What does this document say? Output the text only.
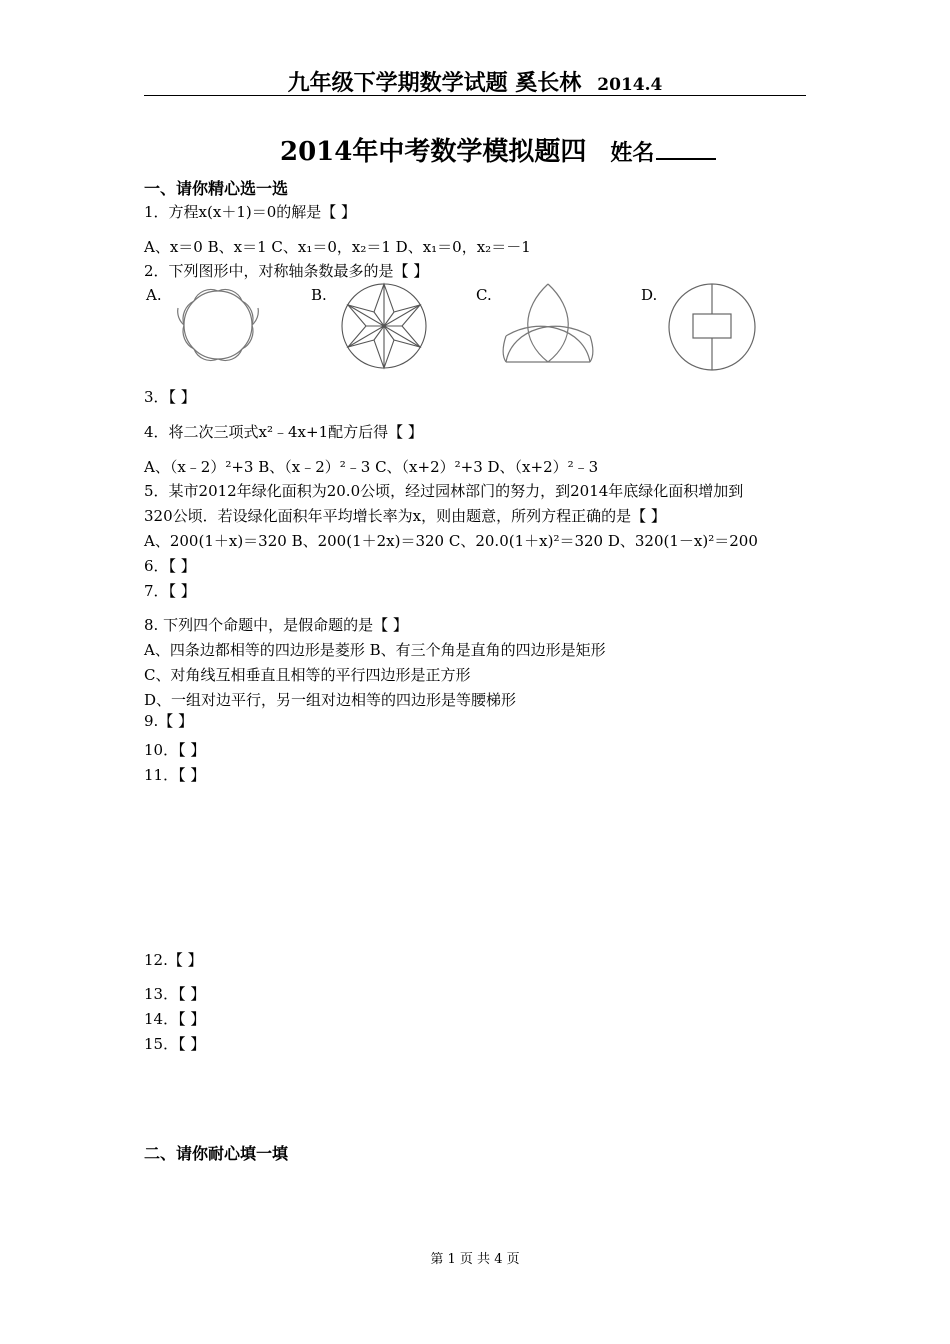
九年级下学期数学试题 奚长林 2014.4
2014年中考数学模拟题四 姓名
一、请你精心选一选
1．方程x(x＋1)＝0的解是【 】
A、x＝0 B、x＝1 C、x₁＝0，x₂＝1 D、x₁＝0，x₂＝－1
2．下列图形中，对称轴条数最多的是【 】
A.	B.	C.	D.
3．【 】
4．将二次三项式x²﹣4x+1配方后得【 】
A、（x﹣2）²+3 B、（x﹣2）²﹣3 C、（x+2）²+3 D、（x+2）²﹣3
5．某市2012年绿化面积为20.0公顷，经过园林部门的努力，到2014年底绿化面积增加到
320公顷．若设绿化面积年平均增长率为x，则由题意，所列方程正确的是【 】
A、200(1＋x)＝320 B、200(1＋2x)＝320 C、20.0(1＋x)²＝320 D、320(1－x)²＝200
6．【 】
7．【 】
8. 下列四个命题中，是假命题的是【 】
A、四条边都相等的四边形是菱形 B、有三个角是直角的四边形是矩形
C、对角线互相垂直且相等的平行四边形是正方形
D、一组对边平行，另一组对边相等的四边形是等腰梯形
9.【 】
10．【 】
11．【 】
12.【 】
13．【 】
14．【 】
15．【 】
二、请你耐心填一填
第 1 页 共 4 页
